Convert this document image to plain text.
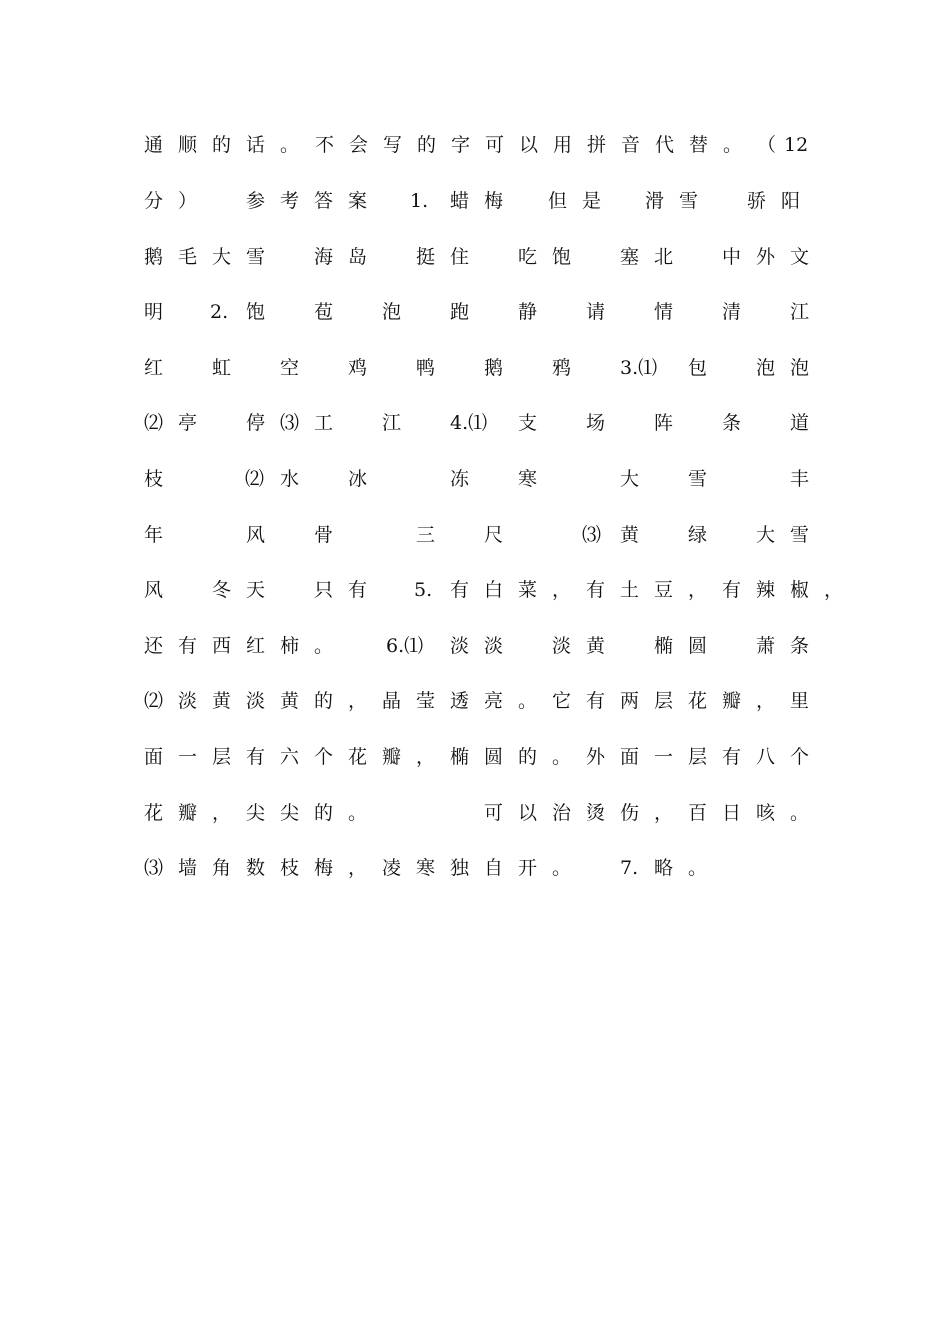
通 顺 的 话 。 不 会 写 的 字 可 以 用 拼 音 代 替 。 （ 12
分 ）	参 考 答 案 1. 蜡 梅 但 是 滑 雪	骄 阳
鹅 毛 大 雪	海 岛	挺 住	吃 饱	塞 北	中 外 文
明 2. 饱	苞	泡	跑	静	请	情	清	江
红	虹	空	鸡	鸭	鹅	鸦	3.⑴ 包	泡 泡
⑵ 亭	停 ⑶ 工	江	4.⑴ 支	场	阵	条	道
枝	⑵ 水	冰	冻	寒	大	雪	丰
年	风	骨	三	尺	⑶ 黄	绿	大 雪
风	冬 天	只 有 5. 有 白 菜 ， 有 土 豆 ， 有 辣 椒 ，
还 有 西 红 柿 。	6.⑴ 淡 淡	淡 黄	椭 圆	萧 条
⑵ 淡 黄 淡 黄 的 ， 晶 莹 透 亮 。 它 有 两 层 花 瓣 ， 里
面 一 层 有 六 个 花 瓣 ， 椭 圆 的 。 外 面 一 层 有 八 个
花 瓣 ， 尖 尖 的 。	可 以 治 烫 伤 ， 百 日 咳 。
⑶ 墙 角 数 枝 梅 ， 凌 寒 独 自 开 。	7. 略 。
